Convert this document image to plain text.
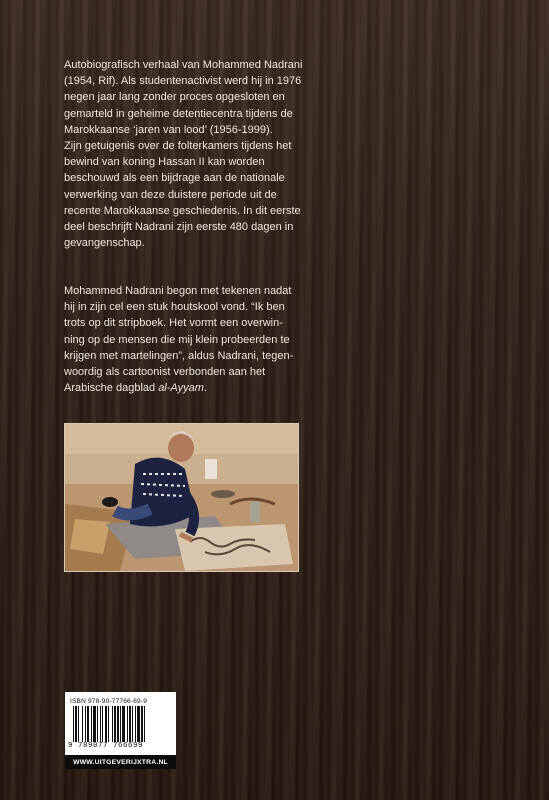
Autobiografisch verhaal van Mohammed Nadrani

(1954, Rif). Als studentenactivist werd hij in 1976

negen jaar lang zonder proces opgesloten en

gemarteld in geheime detentiecentra tijdens de

Marokkaanse ‘jaren van lood’ (1956-1999).

Zijn getuigenis over de folterkamers tijdens het

bewind van koning Hassan II kan worden

beschouwd als een bijdrage aan de nationale

verwerking van deze duistere periode uit de

recente Marokkaanse geschiedenis. In dit eerste

deel beschrijft Nadrani zijn eerste 480 dagen in

gevangenschap.

Mohammed Nadrani begon met tekenen nadat

hij in zijn cel een stuk houtskool vond. “Ik ben

trots op dit stripboek. Het vormt een overwin-

ning op de mensen die mij klein probeerden te

krijgen met martelingen”, aldus Nadrani, tegen-

woordig als cartoonist verbonden aan het

Arabische dagblad al-Ayyam.

ISBN 978-90-77766-69-9
9 789077 766699
WWW.UITGEVERIJXTRA.NL
